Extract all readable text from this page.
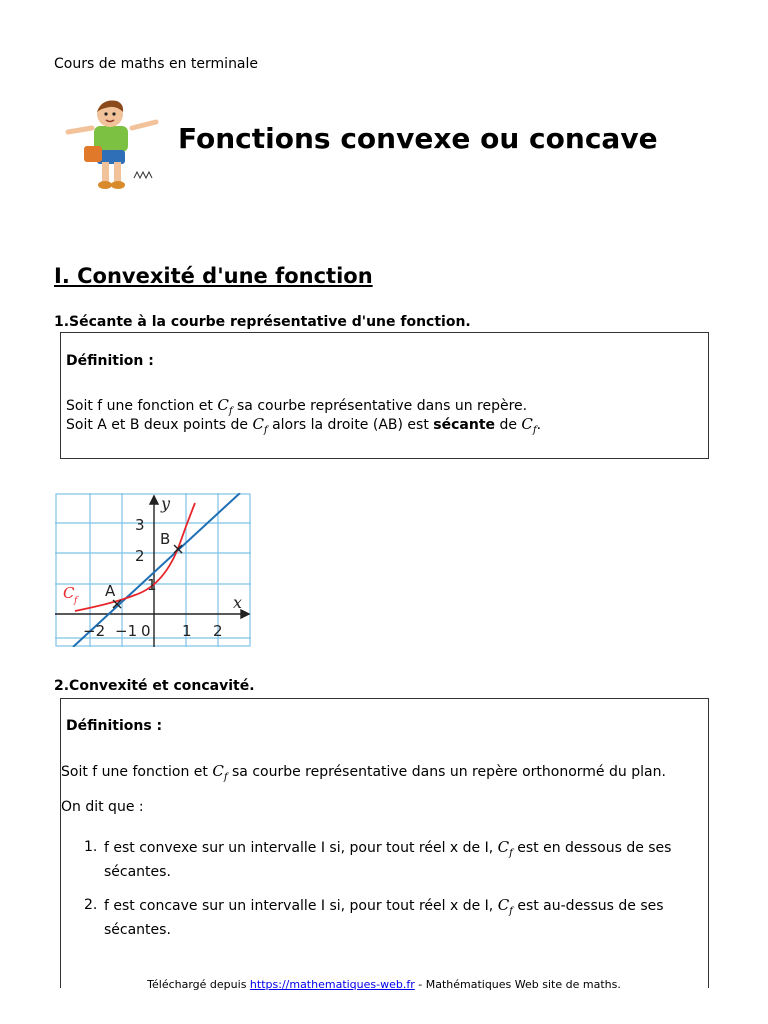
Cours de maths en terminale
Fonctions convexe ou concave
I. Convexité d'une fonction
1.Sécante à la courbe représentative d'une fonction.
Définition :
Soit f une fonction et $C_f$ sa courbe représentative dans un repère.
Soit A et B deux points de $C_f$ alors la droite (AB) est sécante de $C_f$.
3
2
1
−2 −1 0 1 2
A
B
y
x
C f
2.Convexité et concavité.
Définitions :
Soit f une fonction et $C_f$ sa courbe représentative dans un repère orthonormé du plan.
On dit que :
1. f est convexe sur un intervalle I si, pour tout réel x de I, $C_f$ est en dessous de ses
sécantes.
2. f est concave sur un intervalle I si, pour tout réel x de I, $C_f$ est au-dessus de ses
sécantes.
Téléchargé depuis https://mathematiques-web.fr - Mathématiques Web site de maths.
